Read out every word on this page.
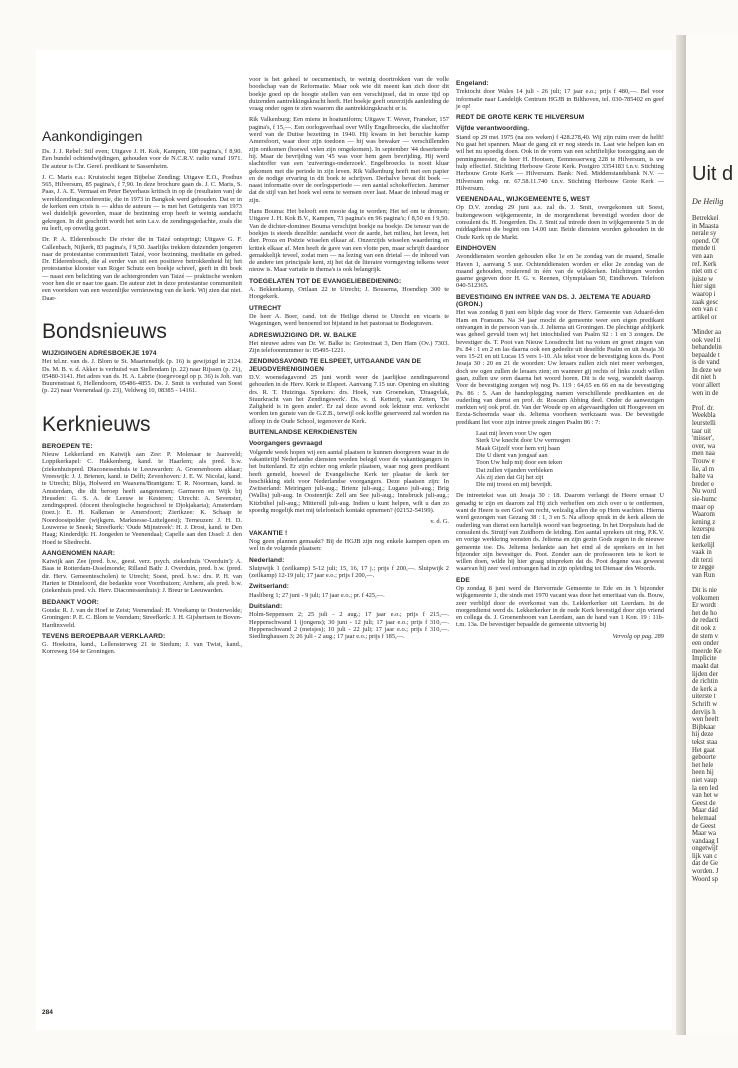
Aankondigingen

Ds. J. J. Rebel: Stil even; Uitgave J. H. Kok, Kampen, 108 pagina's, f 8,90. Een bundel ochtendwijdingen, gehouden voor de N.C.R.V. radio vanaf 1971. De auteur is Chr. Geref. predikant te Sassenheim.

J. C. Maris e.a.: Kruistocht tegen Bijbelse Zending; Uitgave E.O., Postbus 565, Hilversum, 85 pagina's, f 7,90. In deze brochure gaan ds. J. C. Maris, S. Paas, J. A. E. Vermaat en Peter Beyerhaus kritisch in op de (resultaten van) de wereldzendingsconferentie, die in 1973 in Bangkok werd gehouden. Dat er in de kerken een crisis is — aldus de auteurs — is met het Getuigenis van 1973 wel duidelijk geworden, maar de bezinning erop heeft te weinig aandacht gekregen. In dit geschrift wordt het sein t.a.v. de zendingsgedachte, zoals die nu leeft, op onveilig gezet.

Dr. P. A. Elderenbosch: De rivier die in Taizé ontspringt; Uitgave G. F. Callenbach, Nijkerk, 83 pagina's, f 9,50. Jaarlijks trekken duizenden jongeren naar de protestantse communiteit Taizé, voor bezinning, meditatie en gebed. Dr. Elderenbosch, die al eerder van uit een positieve betrokkenheid bij het protestantse klooster van Roger Schutz een boekje schreef, geeft in dit boek — naast een belichting van de achtergronden van Taizé — praktische wenken voor hen die er naar toe gaan. De auteur ziet in deze protestantse communiteit een voorteken van een wezenlijke vernieuwing van de kerk. Wij zien dat niet. Daar-

Bondsnieuws
WIJZIGINGEN ADRESBOEKJE 1974

Het tel.nr. van ds. J. Blom te St. Maartensdijk (p. 16) is gewijzigd in 2124. Ds. M. B. v. d. Akker is verhuisd van Stellendam (p. 22) naar Rijssen (p. 21), 05480-3141. Het adres van ds. H. A. Labrie (toegevoegd op p. 36) is Joh. van Buurenstraat 6, Hellendoorn, 05486-4855. Ds. J. Smit is verhuisd van Soest (p. 22) naar Veenendaal (p. 23), Veldweg 10, 08385 - 14161.

Kerknieuws
BEROEPEN TE:

Nieuw Lekkerland en Katwijk aan Zee: P. Molenaar te Jaarsveld; Loppikerkapel: C. Hakkenberg, kand. te Haarlem; als pred. b.w. (ziekenhuispred. Diaconessenhuis te Leeuwarden: A. Groenenboom aldaar; Vreeswijk: J. J. Brienen, kand. te Delft; Zevenhoven: J. E. W. Nicolai, kand. te Utrecht; Blija, Holwerd en Waaxens/Brantgum: T. R. Noorman, kand. te Amsterdam, die dit beroep heeft aangenomen; Garmeren en Wijk bij Heusden: G. S. A. de Leeuw te Kesteren; Utrecht: A. Sevenster, zendingspred. (docent theologische hogeschool te Djokjakarta); Amsterdam (toez.): E. H. Kalkman te Amersfoort; Zierikzee: K. Schaap te Noordoostpolder (wijkgem. Marknesse-Luttelgeest); Terneuzen: J. H. D. Louwerse te Sneek; Streefkerk: 'Oude Mijnstreek': H. J. Drost, kand. te Den Haag; Kinderdijk: H. Jongeden te Veenendaal; Capelle aan den IJssel: J. den Hoed te Sliedrecht.

AANGENOMEN NAAR:

Katwijk aan Zee (pred. b.w., geest. verz. psych. ziekenhuis 'Overduin'): A. Baas te Rotterdam-IJsselmonde; Rilland Bath: J. Overduin, pred. b.w. (pred. dir. Herv. Gemeentescholen) te Utrecht; Soest, pred. b.w.: drs. P. H. van Harten te Dinteloord, die bedankte voor Voorthuizen; Arnhem, als pred. b.w. (ziekenhuis pred. v.h. Herv. Diaconessenhuis): J. Breur te Leeuwarden.

BEDANKT VOOR:

Gouda: R. J. van de Hoef te Zeist; Veenendaal: H. Vreekamp te Oosterwolde; Groningen: P. E. C. Blom te Veendam; Streefkerk: J. H. Gijsbertsen te Boven-Hardinxveld.

TEVENS BEROEPBAAR VERKLAARD:

G. Hoekstra, kand., Lellensterweg 21 te Stedum; J. van Twist, kand., Korreweg 164 te Groningen.

voor is het geheel te oecumenisch, te weinig doortrokken van de volle boodschap van de Reformatie. Maar ook wie dit meent kan zich door dit boekje goed op de hoogte stellen van een verschijnsel, dat in onze tijd op duizenden aantrekkingskracht heeft. Het boekje geeft onzerzijds aanleiding de vraag onder ogen te zien waarom die aantrekkingskracht er is.

Rik Valkenburg: Een miens in hoatuniform; Uitgave T. Wever, Franeker, 157 pagina's, f 15,—. Een oorlogsverhaal over Willy Engelbroecks, die slachtoffer werd van de Duitse bezetting in 1940. Hij kwam in het beruchte kamp Amersfoort, waar door zijn toedoen — hij was bewaker — verschillenden zijn ontkomen (hoewel velen zijn omgekomen). In september '44 deserteerde hij. Maar de bevrijding van '45 was voor hem geen bevrijding. Hij werd slachtoffer van een 'zuiverings-onderzoek'. Engelbroecks is nooit kluar gekomen met die periode in zijn leven. Rik Valkenburg heeft met een papier en de nodige ervaring in dit boek te schrijven. Derhalve bevat dit boek — naast informatie over de oorlogsperiode — een aantal schokeffecten. Jammer dat de stijl van het boek wel eens te wensen over laat. Maar de inhoud mag er zijn.

Hans Bouma: Het belooft een mooie dag te worden; Het tef om te dromen; Uitgave J. H. Kok B.V., Kampen, 73 pagina's en 96 pagina's; f 8,50 en f 9,50. Van de dichter-dominee Bouma verschijnt boekje na boekje. De tenour van de boekjes is steeds dezelfde: aandacht voor de aarde, het milieu, het leven, het dier. Proza en Poëzie wisselen elkaar af. Onzerzijds wisselen waardering en kritiek elkaar af. Men heeft de gave van een vlotte pen, maar schrijft daardoor gemakkelijk teveel, zodat men — na lezing van een drietal — de inhoud van de andere ten principale kent, zij het dat de literaire vormgeving telkens weer nieuw is. Maar variatie in thema's is ook belangrijk.

TOEGELATEN TOT DE EVANGELIEBEDIENING:

A. Bekkenkamp, Ortlaan 22 te Utrecht; J. Bousema, Hoendiep 300 te Hoogekerk.

UTRECHT

De heer A. Boer, cand. tot de Heilige dienst te Utrecht en vicaris te Wageningen, werd benoemd tot bijstand in het pastoraat te Bodegraven.

ADRESWIJZIGING DR. W. BALKE

Het nieuwe adres van Dr. W. Balke is: Grotestraat 3, Den Ham (Ov.) 7303. Zijn telefoonnummer is: 05495-1221.

ZENDINGSAVOND TE ELSPEET, UITGAANDE VAN DE JEUGDVERENIGINGEN

D.V. woensdagavond 25 juni wordt weer de jaarlijkse zendingsavond gehouden in de Herv. Kerk te Elspeet. Aanvang 7.15 uur. Opening en sluiting drs. R. T. Huizinga. Sprekers: drs. Hoek, van Groenekan, 'Draagvlak, Stuurkracht van het Zendingswerk'. Ds. v. d. Ketterij, van Zetten, 'De Zaligheid is in geen ander'. Er zal deze avond ook lektuur enz. verkocht worden ten gunste van de G.Z.B., terwijl ook koffie geserveerd zal worden na afloop in de Oude School, tegenover de Kerk.

BUITENLANDSE KERKDIENSTEN
Voorgangers gevraagd

Volgende week hopen wij een aantal plaatsen te kunnen doorgeven waar in de vakantietijd Nederlandse diensten worden belegd voor de vakantiegangers in het buitenland. Er zijn echter nog enkele plaatsen, waar nog geen predikant heeft gemeld, hoewel de Evangelische Kerk ter plaatse de kerk ter beschikking stelt voor Nederlandse voorgangers. Deze plaatsen zijn: In Zwitserland: Meiringen juli-aug.; Brienz juli-aug.; Lugano juli-aug.; Brig (Wallis) juli-aug. In Oostenrijk: Zell am See juli-aug.; Innsbruck juli-aug.; Kitzbühel juli-aug.; Mittersill juli-aug. Indien u kunt helpen, wilt u dan zo spoedig mogelijk met mij telefonisch kontakt opnemen? (02152-54199).

v. d. G.

VAKANTIE !

Nog geen plannen gemaakt? Bij de HGJB zijn nog enkele kampen open en wel in de volgende plaatsen:

Nederland:

Sluipwijk 1 (zeilkamp) 5-12 juli; 15, 16, 17 j.; prijs f 200,—. Sluipwijk 2 (zeilkamp) 12-19 juli; 17 jaar e.o.; prijs f 200,—.

Zwitserland:

Hasliberg 1; 27 juni - 9 juli; 17 jaar e.o.; pr. f 425,—.

Duitsland:

Holm-Seppensen 2; 25 juli - 2 aug.; 17 jaar e.o.; prijs f 215,—. Heppenschwand 1 (jongens); 30 juni - 12 juli; 17 jaar e.o.; prijs f 310,—. Heppenschwand 2 (meisjes); 10 juli - 22 juli; 17 jaar e.o.; prijs f 310,—. Siedlinghausen 3; 26 juli - 2 aug.; 17 jaar e.o.; prijs f 185,—.

Engeland:

Trektocht door Wales 14 juli - 26 juli; 17 jaar e.o.; prijs f 480,—. Bel voor informatie naar Landelijk Centrum HGJB in Bilthoven, tel. 030-785402 en geef je op!

REDT DE GROTE KERK TE HILVERSUM
Vijfde verantwoording.

Stand op 29 mei 1975 (na zes weken) f 428.278,40. Wij zijn ruim over de helft! Nu gaat het spannen. Maar de gang zit er nog steeds in. Laat wie helpen kan en wil het nu spoedig doen. Ook in de vorm van een schriftelijke toezegging aan de penningmeester, de heer H. Hootsen, Eemnesserweg 228 te Hilversum, is uw hulp effectief. Stichting Herbouw Grote Kerk. Postgiro 3354183 t.n.v. Stichting Herbouw Grote Kerk — Hilversum. Bank: Ned. Middenstandsbank N.V. — Hilversum rekg. nr. 67.58.11.740 t.n.v. Stichting Herbouw Grote Kerk — Hilversum.

VEENENDAAL, WIJKGEMEENTE 5, WEST

Op D.V. zondag 29 juni a.s. zal ds. J. Smit, overgekomen uit Soest, buitengewoon wijkgemeente, in de morgendienst bevestigd worden door de consulent ds. H. Jongerden. Ds. J. Smit zal intrede doen in wijkgemeente 5 in de middagdienst die begint om 14.00 uur. Beide diensten worden gehouden in de Oude Kerk op de Markt.

EINDHOVEN

Avonddiensten worden gehouden elke 1e en 3e zondag van de maand, Smalle Haven 1, aanvang 5 uur. Ochtenddiensten worden er elke 2e zondag van de maand gehouden, roulerend in één van de wijkkerken. Inlichtingen worden gaarne gegeven door H. G. v. Reenen, Olympialaan 50, Eindhoven. Telefoon 040-512365.

BEVESTIGING EN INTREE VAN DS. J. JELTEMA TE ADUARD (GRON.)

Het was zondag 8 juni een blijde dag voor de Herv. Gemeente van Aduard-den Ham en Fransum. Na 34 jaar mocht de gemeente weer een eigen predikant ontvangen in de persoon van ds. J. Jeltema uit Groningen. De plechtige afdijkerk was geheel gevuld toen wij het intochtslied van Psalm 92 : 1 en 3 zongen. De bevestiger ds. T. Poot van Nieuw Loosdrecht liet na votum en groet zingen van Ps. 84 : 1 en 2 en las daarna ook een gedeelte uit deselfde Psalm en uit Jesaja 30 vers 15-21 en uit Lucas 15 vers 1-10. Als tekst voor de bevestiging koos ds. Poot Jesaja 30 : 20 en 21 de woorden: Uw leraars zullen zich niet meer verbergen, doch uw ogen zullen de leraars zien; en wanneer gij rechts of links zoudt willen gaan, zullen uw oren daarna het woord horen. Dit is de weg, wandelt daarop. Voor de bevestiging zongen wij nog Ps. 119 : 64,65 en 66 en na de bevestiging Ps. 86 : 5. Aan de handoplegging namen verschillende predikanten en de ouderling van dienst en prof. dr. Roscam Abbing deel. Onder de aanwezigen merkten wij ook prof. dr. Van der Woude op en afgevaardigden uit Hoogeveen en Eexta-Scheemda waar ds. Jeltema voorheen werkzaam was. De bevestigde predikant liet voor zijn intree preek zingen Psalm 86 : 7:

Laat mij leven voor Uw ogen
Sterk Uw knecht door Uw vermogen
Maak Gijzelf voor hem vrij baan
Die U dient van jongsaf aan
Toon Uw hulp mij door een teken
Dat zullen vijanden verbleken
Als zij zien dat Gij het zijt
Die mij troost en mij bevrijdt.

De intreetekst was uit Jesaja 30 : 18. Daarom verlangt de Heere ernaar U genadig te zijn en daarom zal Hij zich verheffen om zich over u te ontfermen, want de Heere is een God van recht, welzalig allen die op Hem wachten. Hierna werd gezongen van Gezang 38 : 1, 3 en 5. Na afloop sprak in de kerk alleen de ouderling van dienst een hartelijk woord van begroeting. In het Dorpshuis had de consulent ds. Struijf van Zuidhorn de leiding. Een aantal sprekers uit ring, P.K.V. en vorige werkkring wensten ds. Jeltema en zijn gezin Gods zegen in de nieuwe gemeente toe. Ds. Jeltema bedankte aan het eind al de sprekers en in het bijzonder zijn bevestiger ds. Poot. Zonder aan de professoren iets te kort te willen doen, wilde hij hier graag uitspreken dat ds. Poot degene was geweest waarvan hij zeer veel ontvangen had in zijn opleiding tot Dienaar des Woords.

EDE

Op zondag 8 juni werd de Hervormde Gemeente te Ede en in 't bijzonder wijkgemeente 1, die sinds mei 1970 vacant was door het emeritaat van ds. Bouw, zeer verblijd door de overkomst van ds. Lekkerkerker uit Leerdam. In de morgendienst werd ds. Lekkerkerker in de oude Kerk bevestigd door zijn vriend en collega ds. J. Groenenboom van Leerdam, aan de hand van 1 Kon. 19 : 11b-t.m. 13a. De bevestiger bepaalde de gemeente uitvoerig bij

Vervolg op pag. 289
284
Uit d
De Heilig
Betrekkel
in Maasta
nerale sy
opend. Of
mende ti
ven aan
ref. Kerk
niet om c
juiste w
hier sign
waarop i
zaak gesc
een van c
artikel or
'Minder aa
ook veel ti
behandelin
bepaalde t
is de vand
In deze we
dit niet h
voor allert
wen in de
Prof. dr.
Weekbla
leurstelli
taar uit
'misser',
over, wa
men naa
Trouw e
lie, al m
halte va
breder e
Nu word
sie-humc
maar op
Waarom
kening z
lezerspu
ten die
kerkelijl
vaak in
dit terzi
te zegge
van Run
Dit is nie
volkomen
Er wordt
het de ho
de redacti
dit ook z
de stem v
een onder
meerde Ke
Implicite
maakt dat
lijden der
de richtin
de kerk a
uiterste t
Schrift w
dervijs h
wen heeft
Bijbkaar
hij deze
tekst staa
Het gaat
geboorte
het hele
heen hij
niet vaup
la een led
van het w
Geest de
Maar dád
helemaal
de Geest
Maar wa
vandaag I
ongetwijf
lijk van c
dat de Ge
worden. J
Woord sp
